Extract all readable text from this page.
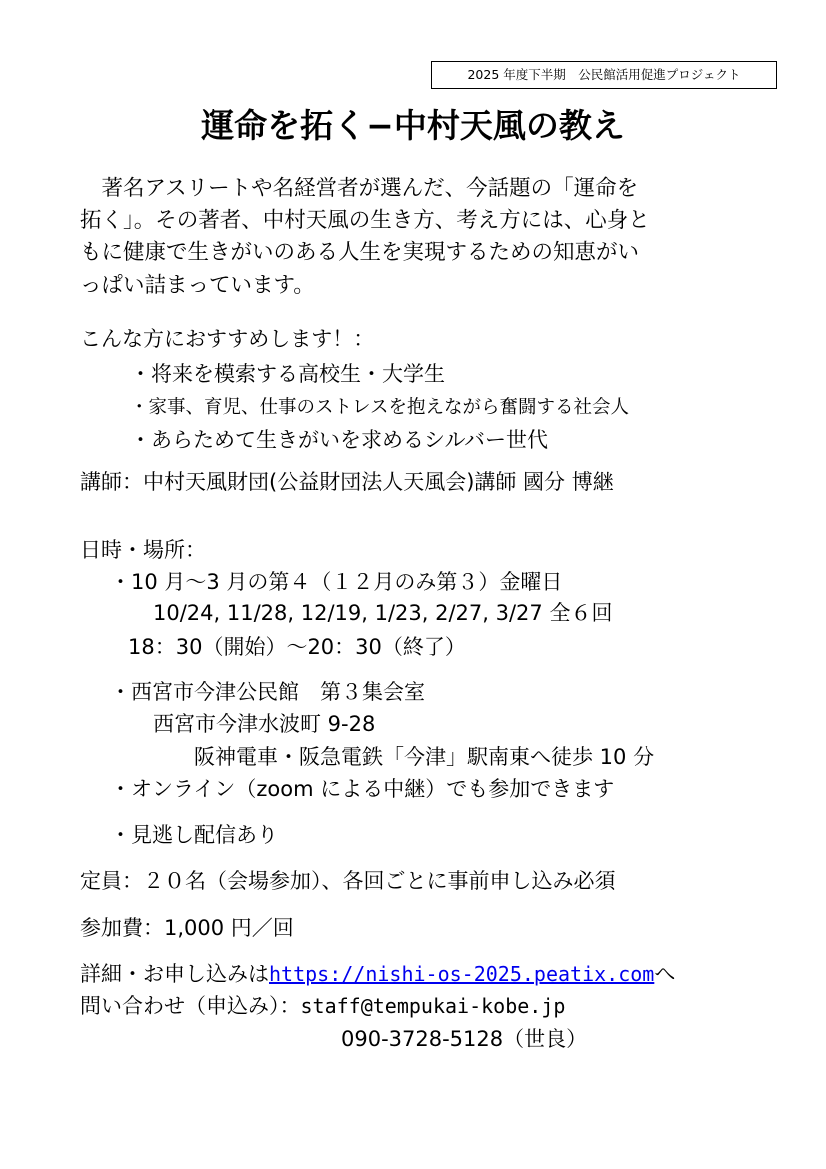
2025 年度下半期　公民館活用促進プロジェクト
運命を拓く−中村天風の教え
　著名アスリートや名経営者が選んだ、今話題の「運命を
拓く」。その著者、中村天風の生き方、考え方には、心身と
もに健康で生きがいのある人生を実現するための知恵がい
っぱい詰まっています。
こんな方におすすめします！：
・将来を模索する高校生・大学生
・家事、育児、仕事のストレスを抱えながら奮闘する社会人
・あらためて生きがいを求めるシルバー世代
講師：中村天風財団(公益財団法人天風会)講師 國分 博継
日時・場所：
・10 月〜3 月の第４（１２月のみ第３）金曜日
10/24, 11/28, 12/19, 1/23, 2/27, 3/27 全６回
18：30（開始）〜20：30（終了）
・西宮市今津公民館　第３集会室
西宮市今津水波町 9-28
阪神電車・阪急電鉄「今津」駅南東へ徒歩 10 分
・オンライン（zoom による中継）でも参加できます
・見逃し配信あり
定員：２０名（会場参加）、各回ごとに事前申し込み必須
参加費：1,000 円／回
詳細・お申し込みはhttps://nishi-os-2025.peatix.comへ
問い合わせ（申込み）：staff@tempukai-kobe.jp
090-3728-5128（世良）
